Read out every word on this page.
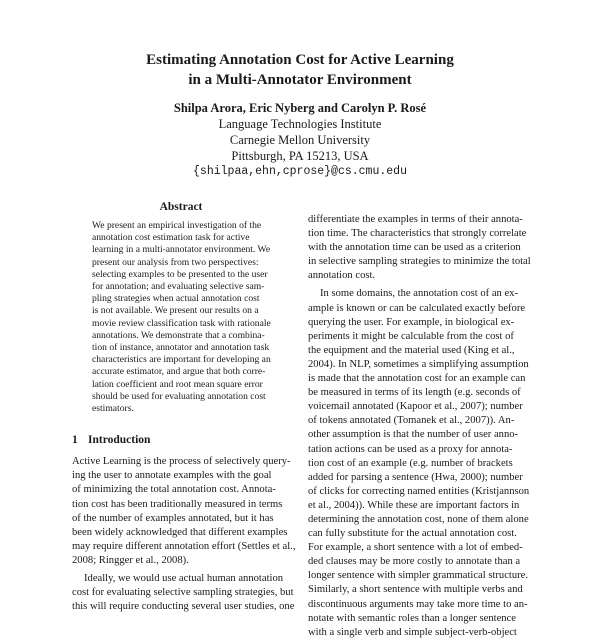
Estimating Annotation Cost for Active Learning
in a Multi-Annotator Environment
Shilpa Arora, Eric Nyberg and Carolyn P. Rosé
Language Technologies Institute
Carnegie Mellon University
Pittsburgh, PA 15213, USA
{shilpaa,ehn,cprose}@cs.cmu.edu
Abstract
We present an empirical investigation of the
annotation cost estimation task for active
learning in a multi-annotator environment. We
present our analysis from two perspectives:
selecting examples to be presented to the user
for annotation; and evaluating selective sam-
pling strategies when actual annotation cost
is not available. We present our results on a
movie review classification task with rationale
annotations. We demonstrate that a combina-
tion of instance, annotator and annotation task
characteristics are important for developing an
accurate estimator, and argue that both corre-
lation coefficient and root mean square error
should be used for evaluating annotation cost
estimators.
1 Introduction
Active Learning is the process of selectively query-
ing the user to annotate examples with the goal
of minimizing the total annotation cost. Annota-
tion cost has been traditionally measured in terms
of the number of examples annotated, but it has
been widely acknowledged that different examples
may require different annotation effort (Settles et al.,
2008; Ringger et al., 2008).
Ideally, we would use actual human annotation
cost for evaluating selective sampling strategies, but
this will require conducting several user studies, one
differentiate the examples in terms of their annota-
tion time. The characteristics that strongly correlate
with the annotation time can be used as a criterion
in selective sampling strategies to minimize the total
annotation cost.
In some domains, the annotation cost of an ex-
ample is known or can be calculated exactly before
querying the user. For example, in biological ex-
periments it might be calculable from the cost of
the equipment and the material used (King et al.,
2004). In NLP, sometimes a simplifying assumption
is made that the annotation cost for an example can
be measured in terms of its length (e.g. seconds of
voicemail annotated (Kapoor et al., 2007); number
of tokens annotated (Tomanek et al., 2007)). An-
other assumption is that the number of user anno-
tation actions can be used as a proxy for annota-
tion cost of an example (e.g. number of brackets
added for parsing a sentence (Hwa, 2000); number
of clicks for correcting named entities (Kristjannson
et al., 2004)). While these are important factors in
determining the annotation cost, none of them alone
can fully substitute for the actual annotation cost.
For example, a short sentence with a lot of embed-
ded clauses may be more costly to annotate than a
longer sentence with simpler grammatical structure.
Similarly, a short sentence with multiple verbs and
discontinuous arguments may take more time to an-
notate with semantic roles than a longer sentence
with a single verb and simple subject-verb-object
